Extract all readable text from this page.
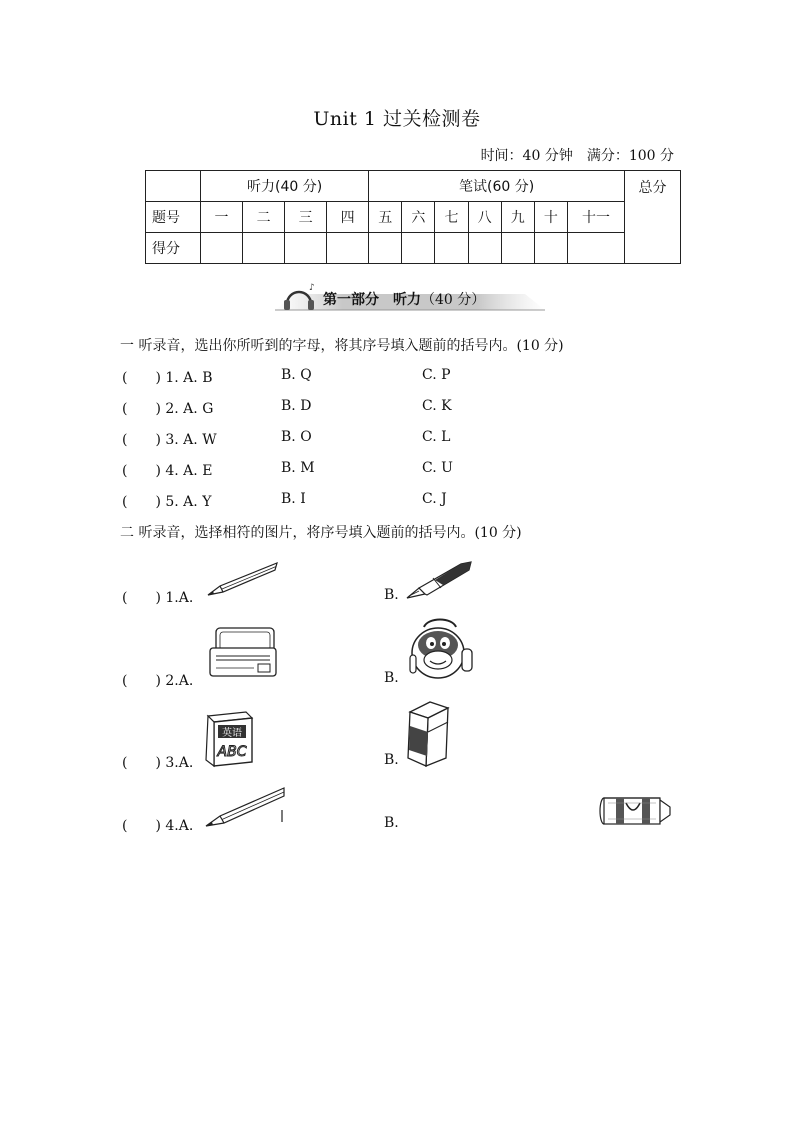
Unit 1 过关检测卷
时间：40 分钟　满分：100 分
	听力(40 分)				笔试(60 分)							总分
题号	一	二	三	四	五	六	七	八	九	十	十一	
得分												
♪
第一部分　听力（40 分）
一 听录音，选出你所听到的字母，将其序号填入题前的括号内。(10 分)
(　　) 1. A. B	B. Q	C. P
(　　) 2. A. G	B. D	C. K
(　　) 3. A. W	B. O	C. L
(　　) 4. A. E	B. M	C. U
(　　) 5. A. Y	B. I	C. J
二 听录音，选择相符的图片，将序号填入题前的括号内。(10 分)
(　　) 1.A.	B.
(　　) 2.A.	B.
(　　) 3.A.	B.
英语
ABC
(　　) 4.A.	B.
